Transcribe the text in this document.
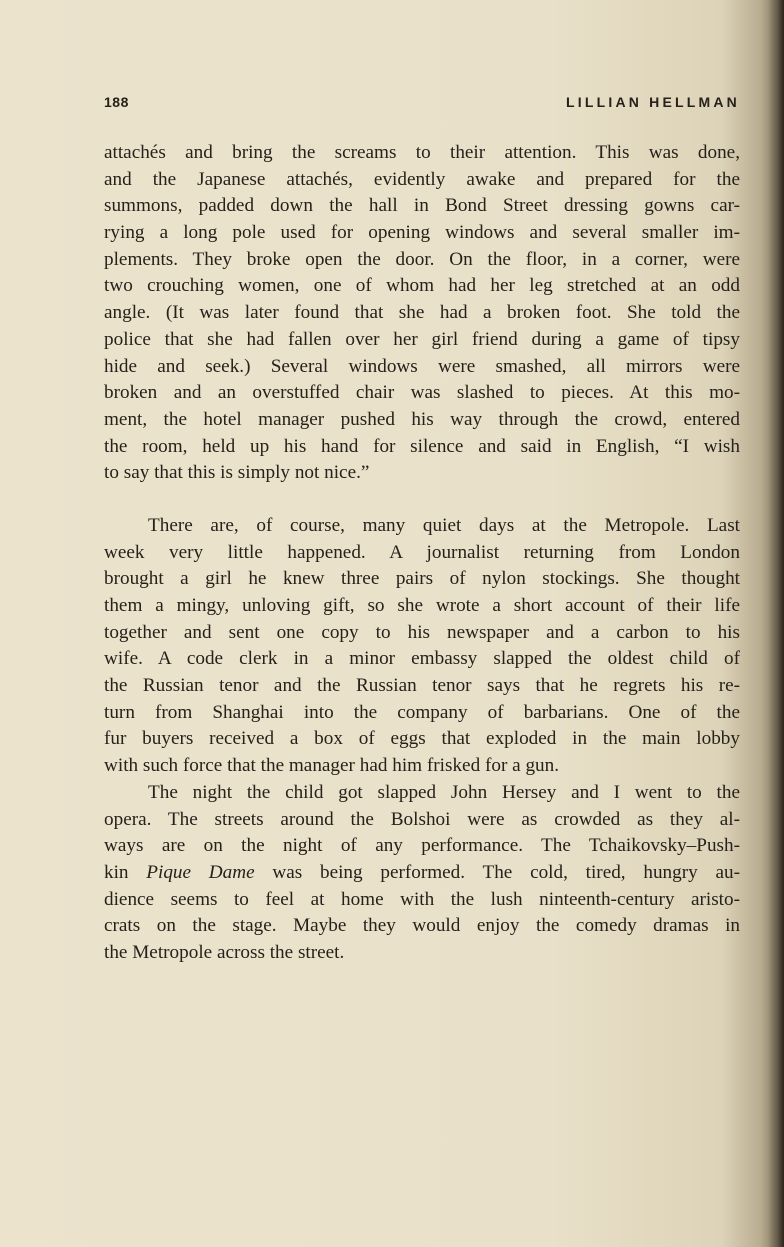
188	LILLIAN HELLMAN
attachés and bring the screams to their attention. This was done,
and the Japanese attachés, evidently awake and prepared for the
summons, padded down the hall in Bond Street dressing gowns car-
rying a long pole used for opening windows and several smaller im-
plements. They broke open the door. On the floor, in a corner, were
two crouching women, one of whom had her leg stretched at an odd
angle. (It was later found that she had a broken foot. She told the
police that she had fallen over her girl friend during a game of tipsy
hide and seek.) Several windows were smashed, all mirrors were
broken and an overstuffed chair was slashed to pieces. At this mo-
ment, the hotel manager pushed his way through the crowd, entered
the room, held up his hand for silence and said in English, “I wish
to say that this is simply not nice.”
There are, of course, many quiet days at the Metropole. Last
week very little happened. A journalist returning from London
brought a girl he knew three pairs of nylon stockings. She thought
them a mingy, unloving gift, so she wrote a short account of their life
together and sent one copy to his newspaper and a carbon to his
wife. A code clerk in a minor embassy slapped the oldest child of
the Russian tenor and the Russian tenor says that he regrets his re-
turn from Shanghai into the company of barbarians. One of the
fur buyers received a box of eggs that exploded in the main lobby
with such force that the manager had him frisked for a gun.
The night the child got slapped John Hersey and I went to the
opera. The streets around the Bolshoi were as crowded as they al-
ways are on the night of any performance. The Tchaikovsky–Push-
kin Pique Dame was being performed. The cold, tired, hungry au-
dience seems to feel at home with the lush ninteenth-century aristo-
crats on the stage. Maybe they would enjoy the comedy dramas in
the Metropole across the street.
